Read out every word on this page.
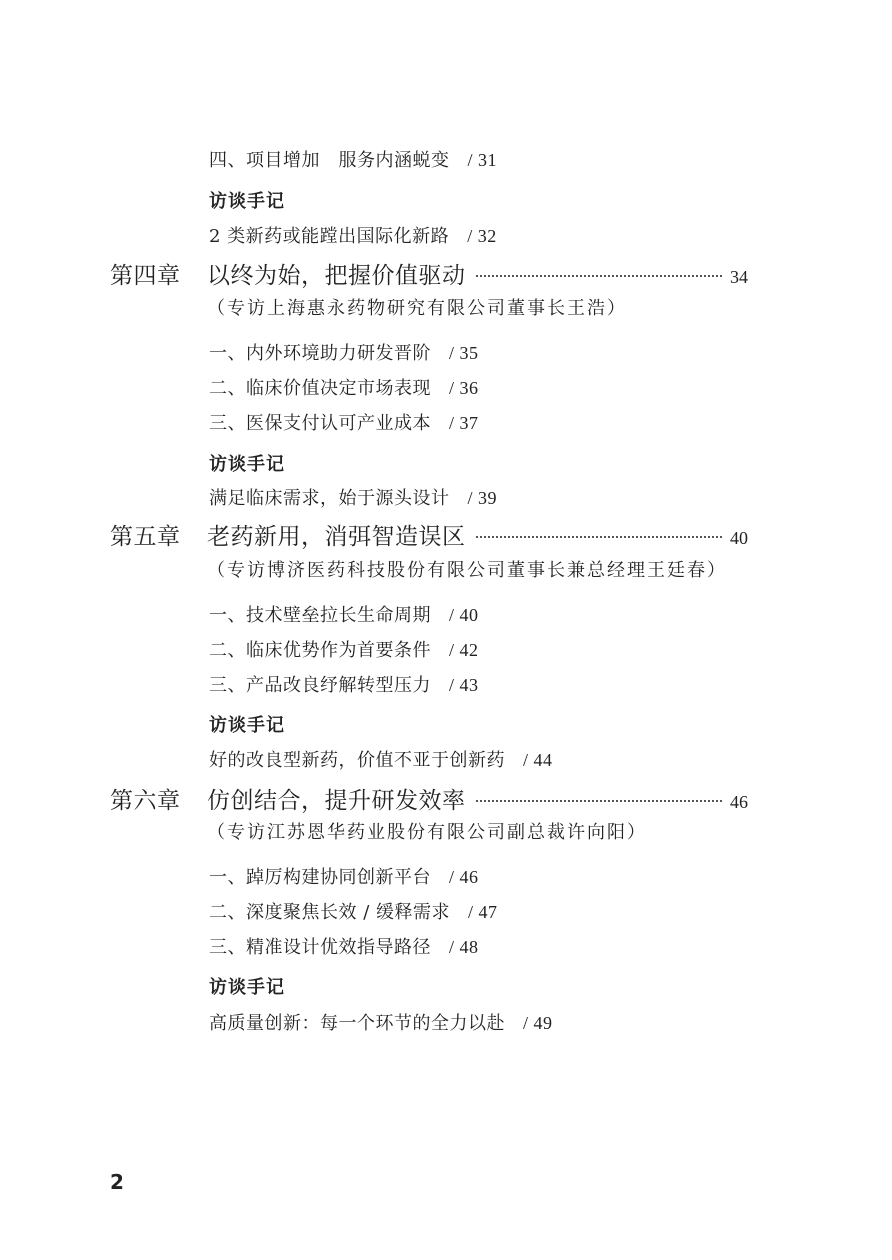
四、项目增加　服务内涵蜕变 / 31
访谈手记
2 类新药或能蹚出国际化新路 / 32
第四章	以终为始，把握价值驱动	34
（专访上海惠永药物研究有限公司董事长王浩）
一、内外环境助力研发晋阶 / 35
二、临床价值决定市场表现 / 36
三、医保支付认可产业成本 / 37
访谈手记
满足临床需求，始于源头设计 / 39
第五章	老药新用，消弭智造误区	40
（专访博济医药科技股份有限公司董事长兼总经理王廷春）
一、技术壁垒拉长生命周期 / 40
二、临床优势作为首要条件 / 42
三、产品改良纾解转型压力 / 43
访谈手记
好的改良型新药，价值不亚于创新药 / 44
第六章	仿创结合，提升研发效率	46
（专访江苏恩华药业股份有限公司副总裁许向阳）
一、踔厉构建协同创新平台 / 46
二、深度聚焦长效 / 缓释需求 / 47
三、精准设计优效指导路径 / 48
访谈手记
高质量创新：每一个环节的全力以赴 / 49
2
